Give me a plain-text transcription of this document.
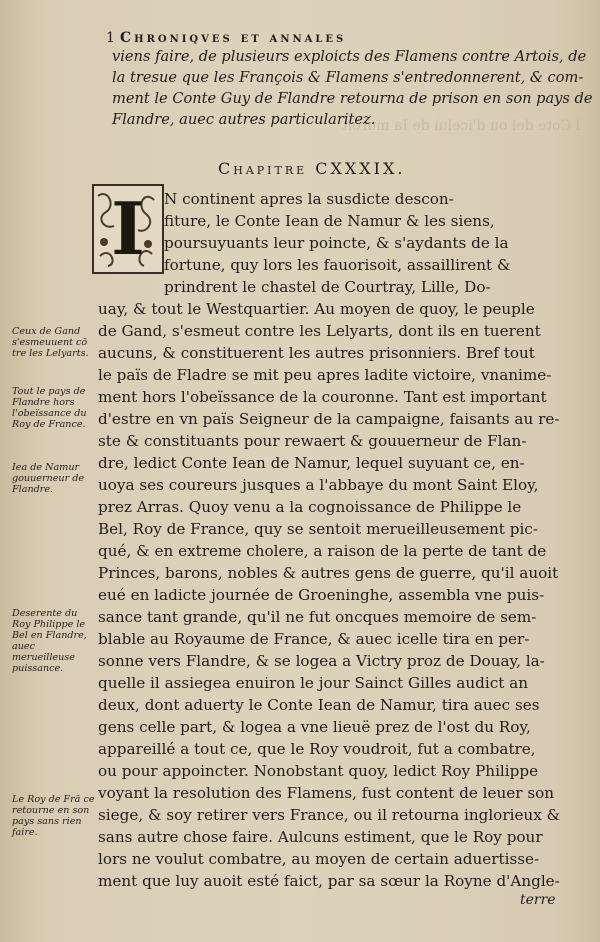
l Cote del ou d'icelui de Ia muroit
1 Chroniqves et annales
viens faire, de plusieurs exploicts des Flamens contre Artois, de
la tresue que les François & Flamens s'entredonnerent, & com-
ment le Conte Guy de Flandre retourna de prison en son pays de
Flandre, auec autres particularitez.
Chapitre CXXXIX.
I N continent apres la susdicte descon-
fiture, le Conte Iean de Namur & les siens,
poursuyuants leur poincte, & s'aydants de la
fortune, quy lors les fauorisoit, assaillirent &
prindrent le chastel de Courtray, Lille, Do-
uay, & tout le Westquartier. Au moyen de quoy, le peuple
de Gand, s'esmeut contre les Lelyarts, dont ils en tuerent
aucuns, & constituerent les autres prisonniers. Bref tout
le païs de Fladre se mit peu apres ladite victoire, vnanime-
ment hors l'obeïssance de la couronne. Tant est important
d'estre en vn païs Seigneur de la campaigne, faisants au re-
ste & constituants pour rewaert & gouuerneur de Flan-
dre, ledict Conte Iean de Namur, lequel suyuant ce, en-
uoya ses coureurs jusques a l'abbaye du mont Saint Eloy,
prez Arras. Quoy venu a la cognoissance de Philippe le
Bel, Roy de France, quy se sentoit merueilleusement pic-
qué, & en extreme cholere, a raison de la perte de tant de
Princes, barons, nobles & autres gens de guerre, qu'il auoit
eué en ladicte journée de Groeninghe, assembla vne puis-
sance tant grande, qu'il ne fut oncques memoire de sem-
blable au Royaume de France, & auec icelle tira en per-
sonne vers Flandre, & se logea a Victry proz de Douay, la-
quelle il assiegea enuiron le jour Sainct Gilles audict an
deux, dont aduerty le Conte Iean de Namur, tira auec ses
gens celle part, & logea a vne lieuë prez de l'ost du Roy,
appareillé a tout ce, que le Roy voudroit, fut a combatre,
ou pour appoincter. Nonobstant quoy, ledict Roy Philippe
voyant la resolution des Flamens, fust content de leuer son
siege, & soy retirer vers France, ou il retourna inglorieux &
sans autre chose faire. Aulcuns estiment, que le Roy pour
lors ne voulut combatre, au moyen de certain aduertisse-
ment que luy auoit esté faict, par sa sœur la Royne d'Angle-
Ceux de Gand s'esmeuuent cō tre les Lelyarts.
Tout le pays de Flandre hors l'obeïssance du Roy de France.
Iea de Namur gouuerneur de Flandre.
Deserente du Roy Philippe le Bel en Flandre, auec merueilleuse puissance.
Le Roy de Frā ce retourne en son pays sans rien faire.
terre
